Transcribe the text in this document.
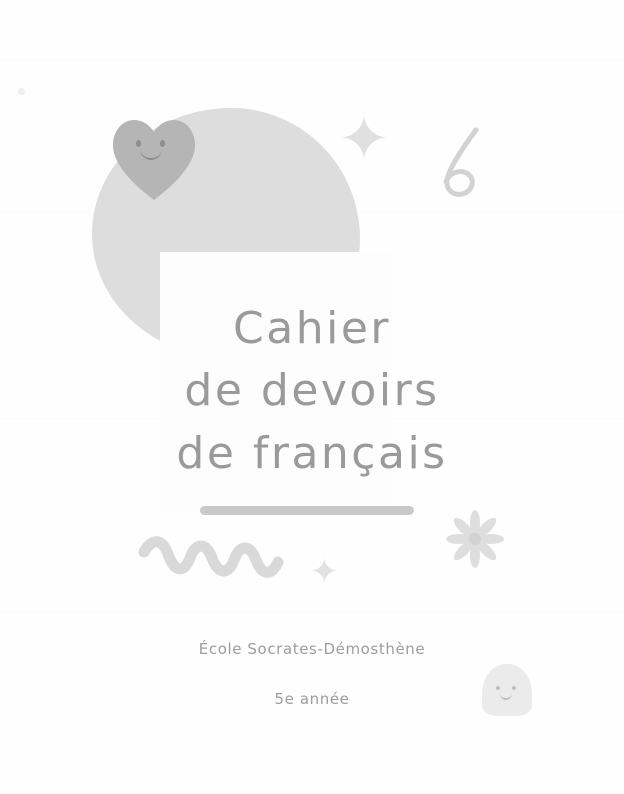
✦
✦
Cahier
de devoirs
de français
École Socrates-Démosthène
5e année
